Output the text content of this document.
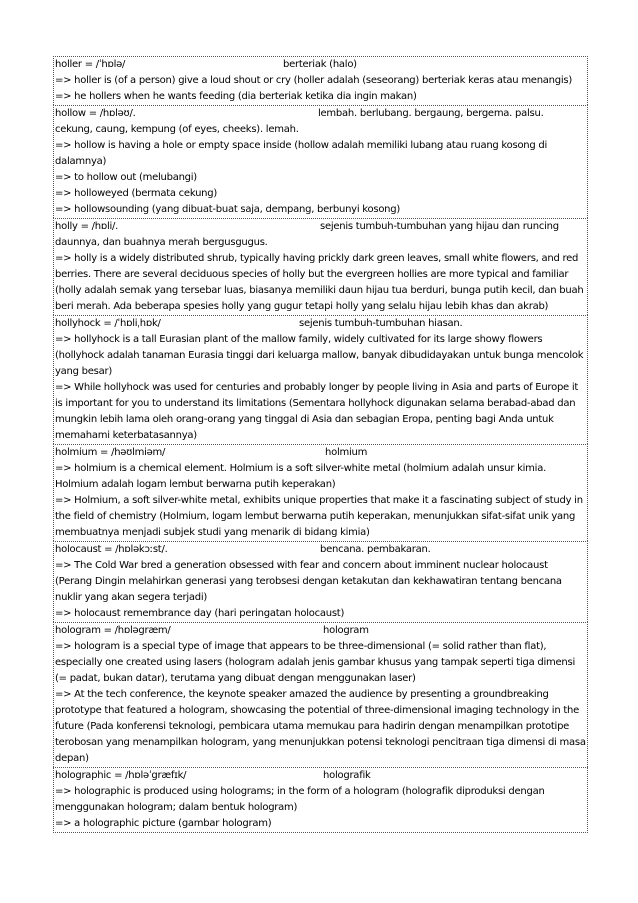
holler = /ˈhɒlə/	berteriak (halo)
=> holler is (of a person) give a loud shout or cry (holler adalah (seseorang) berteriak keras atau menangis)
=> he hollers when he wants feeding (dia berteriak ketika dia ingin makan)
hollow = /hɒləʊ/.	lembah. berlubang. bergaung, bergema. palsu.
cekung, caung, kempung (of eyes, cheeks). lemah.
=> hollow is having a hole or empty space inside (hollow adalah memiliki lubang atau ruang kosong di dalamnya)
=> to hollow out (melubangi)
=> holloweyed (bermata cekung)
=> hollowsounding (yang dibuat-buat saja, dempang, berbunyi kosong)
holly = /hɒli/.	sejenis tumbuh-tumbuhan yang hijau dan runcing
daunnya, dan buahnya merah bergusgugus.
=> holly is a widely distributed shrub, typically having prickly dark green leaves, small white flowers, and red berries. There are several deciduous species of holly but the evergreen hollies are more typical and familiar (holly adalah semak yang tersebar luas, biasanya memiliki daun hijau tua berduri, bunga putih kecil, dan buah beri merah. Ada beberapa spesies holly yang gugur tetapi holly yang selalu hijau lebih khas dan akrab)
hollyhock = /ˈhɒliˌhɒk/	sejenis tumbuh-tumbuhan hiasan.
=> hollyhock is a tall Eurasian plant of the mallow family, widely cultivated for its large showy flowers (hollyhock adalah tanaman Eurasia tinggi dari keluarga mallow, banyak dibudidayakan untuk bunga mencolok yang besar)
=> While hollyhock was used for centuries and probably longer by people living in Asia and parts of Europe it is important for you to understand its limitations (Sementara hollyhock digunakan selama berabad-abad dan mungkin lebih lama oleh orang-orang yang tinggal di Asia dan sebagian Eropa, penting bagi Anda untuk memahami keterbatasannya)
holmium = /həʊlmiəm/	holmium
=> holmium is a chemical element. Holmium is a soft silver-white metal (holmium adalah unsur kimia. Holmium adalah logam lembut berwarna putih keperakan)
=> Holmium, a soft silver-white metal, exhibits unique properties that make it a fascinating subject of study in the field of chemistry (Holmium, logam lembut berwarna putih keperakan, menunjukkan sifat-sifat unik yang membuatnya menjadi subjek studi yang menarik di bidang kimia)
holocaust = /hɒləkɔːst/.	bencana. pembakaran.
=> The Cold War bred a generation obsessed with fear and concern about imminent nuclear holocaust (Perang Dingin melahirkan generasi yang terobsesi dengan ketakutan dan kekhawatiran tentang bencana nuklir yang akan segera terjadi)
=> holocaust remembrance day (hari peringatan holocaust)
hologram = /hɒləgræm/	hologram
=> hologram is a special type of image that appears to be three-dimensional (= solid rather than flat), especially one created using lasers (hologram adalah jenis gambar khusus yang tampak seperti tiga dimensi (= padat, bukan datar), terutama yang dibuat dengan menggunakan laser)
=> At the tech conference, the keynote speaker amazed the audience by presenting a groundbreaking prototype that featured a hologram, showcasing the potential of three-dimensional imaging technology in the future (Pada konferensi teknologi, pembicara utama memukau para hadirin dengan menampilkan prototipe terobosan yang menampilkan hologram, yang menunjukkan potensi teknologi pencitraan tiga dimensi di masa depan)
holographic = /hɒləˈgræfɪk/	holografik
=> holographic is produced using holograms; in the form of a hologram (holografik diproduksi dengan menggunakan hologram; dalam bentuk hologram)
=> a holographic picture (gambar hologram)
